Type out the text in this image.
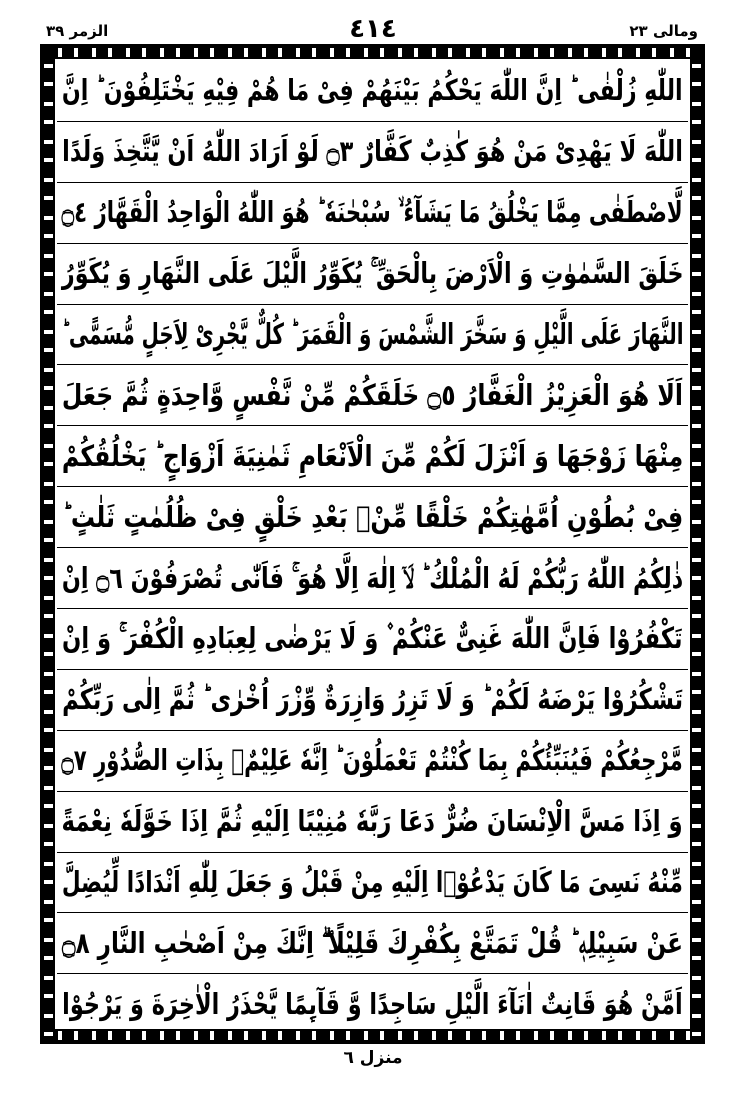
الزمر ٣٩	٤١٤	ومالی ٢٣
اللّٰهِ زُلْفٰی ؕ اِنَّ اللّٰهَ یَحْكُمُ بَیْنَهُمْ فِیْ مَا هُمْ فِیْهِ یَخْتَلِفُوْنَ ؕ اِنَّ
اللّٰهَ لَا یَهْدِیْ مَنْ هُوَ كٰذِبٌ كَفَّارٌ ۝٣ لَوْ اَرَادَ اللّٰهُ اَنْ یَّتَّخِذَ وَلَدًا
لَّاصْطَفٰی مِمَّا یَخْلُقُ مَا یَشَآءُ ۙ سُبْحٰنَهٗ ؕ هُوَ اللّٰهُ الْوَاحِدُ الْقَهَّارُ ۝٤
خَلَقَ السَّمٰوٰتِ وَ الْاَرْضَ بِالْحَقِّ ۚ یُكَوِّرُ الَّیْلَ عَلَی النَّهَارِ وَ یُكَوِّرُ
النَّهَارَ عَلَی الَّیْلِ وَ سَخَّرَ الشَّمْسَ وَ الْقَمَرَ ؕ كُلٌّ یَّجْرِیْ لِاَجَلٍ مُّسَمًّی ؕ
اَلَا هُوَ الْعَزِیْزُ الْغَفَّارُ ۝٥ خَلَقَكُمْ مِّنْ نَّفْسٍ وَّاحِدَةٍ ثُمَّ جَعَلَ
مِنْهَا زَوْجَهَا وَ اَنْزَلَ لَكُمْ مِّنَ الْاَنْعَامِ ثَمٰنِیَةَ اَزْوَاجٍ ؕ یَخْلُقُكُمْ
فِیْ بُطُوْنِ اُمَّهٰتِكُمْ خَلْقًا مِّنْۢ بَعْدِ خَلْقٍ فِیْ ظُلُمٰتٍ ثَلٰثٍ ؕ
ذٰلِكُمُ اللّٰهُ رَبُّكُمْ لَهُ الْمُلْكُ ؕ لَاۤ اِلٰهَ اِلَّا هُوَ ۚ فَاَنّٰی تُصْرَفُوْنَ ۝٦ اِنْ
تَكْفُرُوْا فَاِنَّ اللّٰهَ غَنِیٌّ عَنْكُمْ ۫ وَ لَا یَرْضٰی لِعِبَادِهِ الْكُفْرَ ۚ وَ اِنْ
تَشْكُرُوْا یَرْضَهُ لَكُمْ ؕ وَ لَا تَزِرُ وَازِرَةٌ وِّزْرَ اُخْرٰی ؕ ثُمَّ اِلٰی رَبِّكُمْ
مَّرْجِعُكُمْ فَیُنَبِّئُكُمْ بِمَا كُنْتُمْ تَعْمَلُوْنَ ؕ اِنَّهٗ عَلِیْمٌۢ بِذَاتِ الصُّدُوْرِ ۝٧
وَ اِذَا مَسَّ الْاِنْسَانَ ضُرٌّ دَعَا رَبَّهٗ مُنِیْبًا اِلَیْهِ ثُمَّ اِذَا خَوَّلَهٗ نِعْمَةً
مِّنْهُ نَسِیَ مَا كَانَ یَدْعُوْۤا اِلَیْهِ مِنْ قَبْلُ وَ جَعَلَ لِلّٰهِ اَنْدَادًا لِّیُضِلَّ
عَنْ سَبِیْلِهٖ ؕ قُلْ تَمَتَّعْ بِكُفْرِكَ قَلِیْلًا ۖۗ اِنَّكَ مِنْ اَصْحٰبِ النَّارِ ۝٨
اَمَّنْ هُوَ قَانِتٌ اٰنَآءَ الَّیْلِ سَاجِدًا وَّ قَآىِٕمًا یَّحْذَرُ الْاٰخِرَةَ وَ یَرْجُوْا
منزل ٦
